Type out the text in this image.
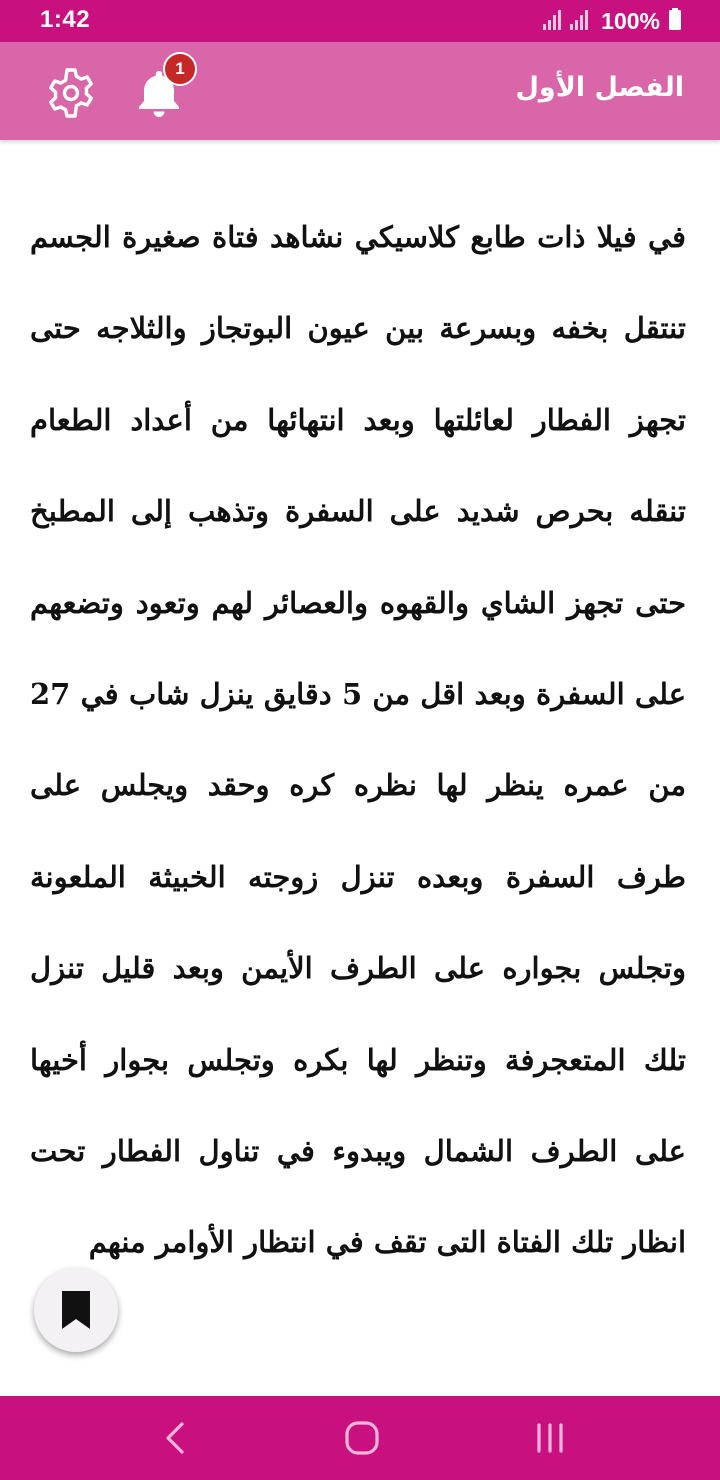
1:42	100%
1
الفصل الأول

في فيلا ذات طابع كلاسيكي نشاهد فتاة صغيرة الجسم تنتقل بخفه وبسرعة بين عيون البوتجاز والثلاجه حتى تجهز الفطار لعائلتها وبعد انتهائها من أعداد الطعام تنقله بحرص شديد على السفرة وتذهب إلى المطبخ حتى تجهز الشاي والقهوه والعصائر لهم وتعود وتضعهم على السفرة وبعد اقل من 5 دقايق ينزل شاب في 27 من عمره ينظر لها نظره كره وحقد ويجلس على طرف السفرة وبعده تنزل زوجته الخبيثة الملعونة وتجلس بجواره على الطرف الأيمن وبعد قليل تنزل تلك المتعجرفة وتنظر لها بكره وتجلس بجوار أخيها على الطرف الشمال ويبدوء في تناول الفطار تحت انظار تلك الفتاة التى تقف في انتظار الأوامر منهم
